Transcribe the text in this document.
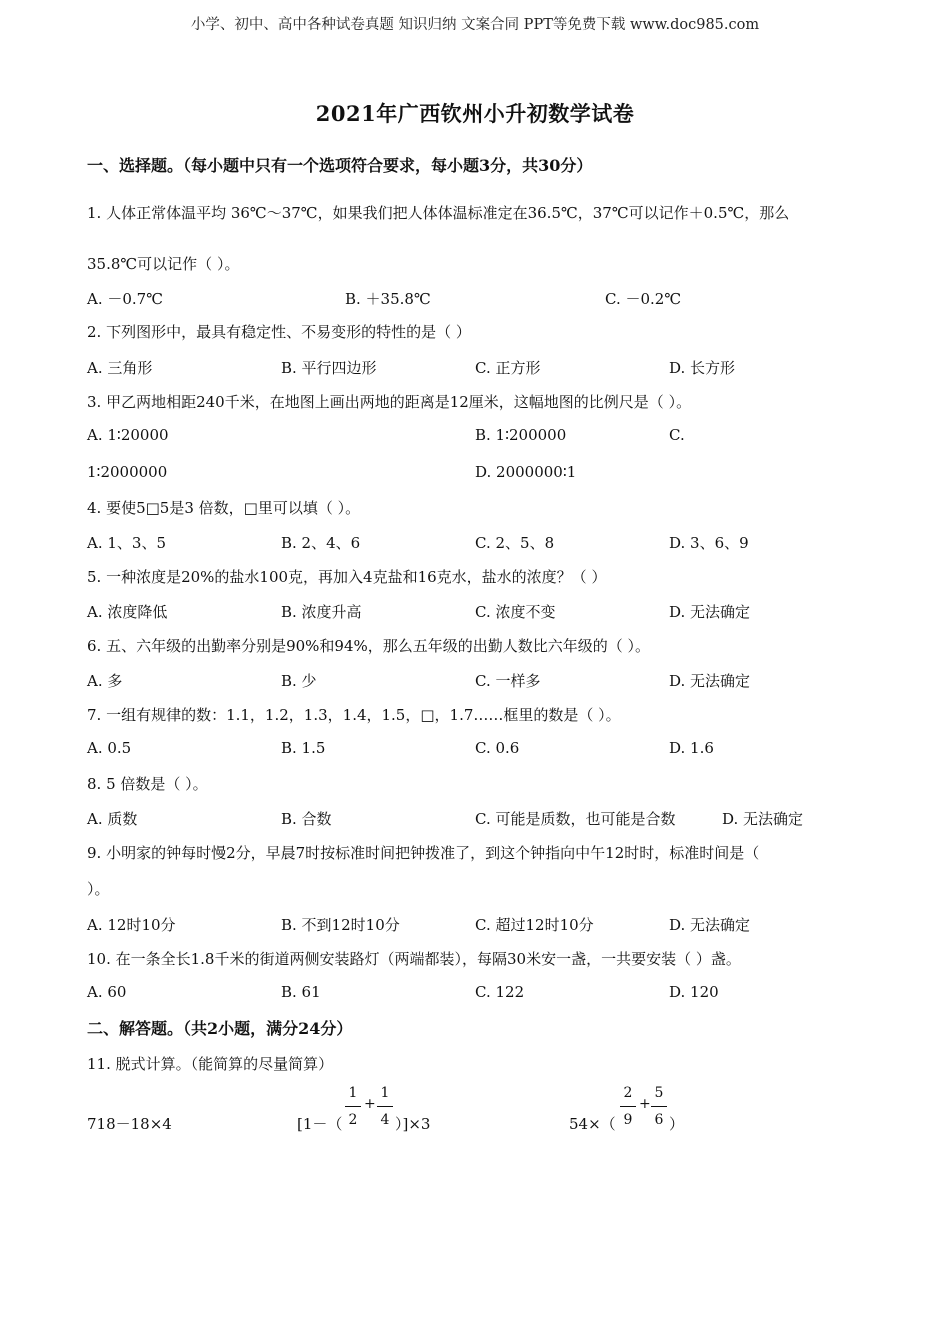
小学、初中、高中各种试卷真题 知识归纳 文案合同 PPT等免费下载 www.doc985.com
2021年广西钦州小升初数学试卷
一、选择题。（每小题中只有一个选项符合要求，每小题3分，共30分）
1. 人体正常体温平均 36℃～37℃，如果我们把人体体温标准定在36.5℃，37℃可以记作＋0.5℃，那么
35.8℃可以记作（ ）。
A. －0.7℃	B. ＋35.8℃	C. －0.2℃
2. 下列图形中，最具有稳定性、不易变形的特性的是（ ）
A. 三角形	B. 平行四边形	C. 正方形	D. 长方形
3. 甲乙两地相距240千米，在地图上画出两地的距离是12厘米，这幅地图的比例尺是（ ）。
A. 1∶20000	B. 1∶200000	C.
1∶2000000	D. 2000000∶1
4. 要使5□5是3 倍数，□里可以填（ ）。
A. 1、3、5	B. 2、4、6	C. 2、5、8	D. 3、6、9
5. 一种浓度是20%的盐水100克，再加入4克盐和16克水，盐水的浓度？（ ）
A. 浓度降低	B. 浓度升高	C. 浓度不变	D. 无法确定
6. 五、六年级的出勤率分别是90%和94%，那么五年级的出勤人数比六年级的（ ）。
A. 多	B. 少	C. 一样多	D. 无法确定
7. 一组有规律的数：1.1，1.2，1.3，1.4，1.5，□，1.7……框里的数是（ ）。
A. 0.5	B. 1.5	C. 0.6	D. 1.6
8. 5 倍数是（ ）。
A. 质数	B. 合数	C. 可能是质数，也可能是合数	D. 无法确定
9. 小明家的钟每时慢2分，早晨7时按标准时间把钟拨准了，到这个钟指向中午12时时，标准时间是（
）。
A. 12时10分	B. 不到12时10分	C. 超过12时10分	D. 无法确定
10. 在一条全长1.8千米的街道两侧安装路灯（两端都装），每隔30米安一盏，一共要安装（ ）盏。
A. 60	B. 61	C. 122	D. 120
二、解答题。（共2小题，满分24分）
11. 脱式计算。（能简算的尽量简算）
718－18×4	[1－（
1
2
+
1
4 ）]×3	54×（
2
9
+
5
6 ）
